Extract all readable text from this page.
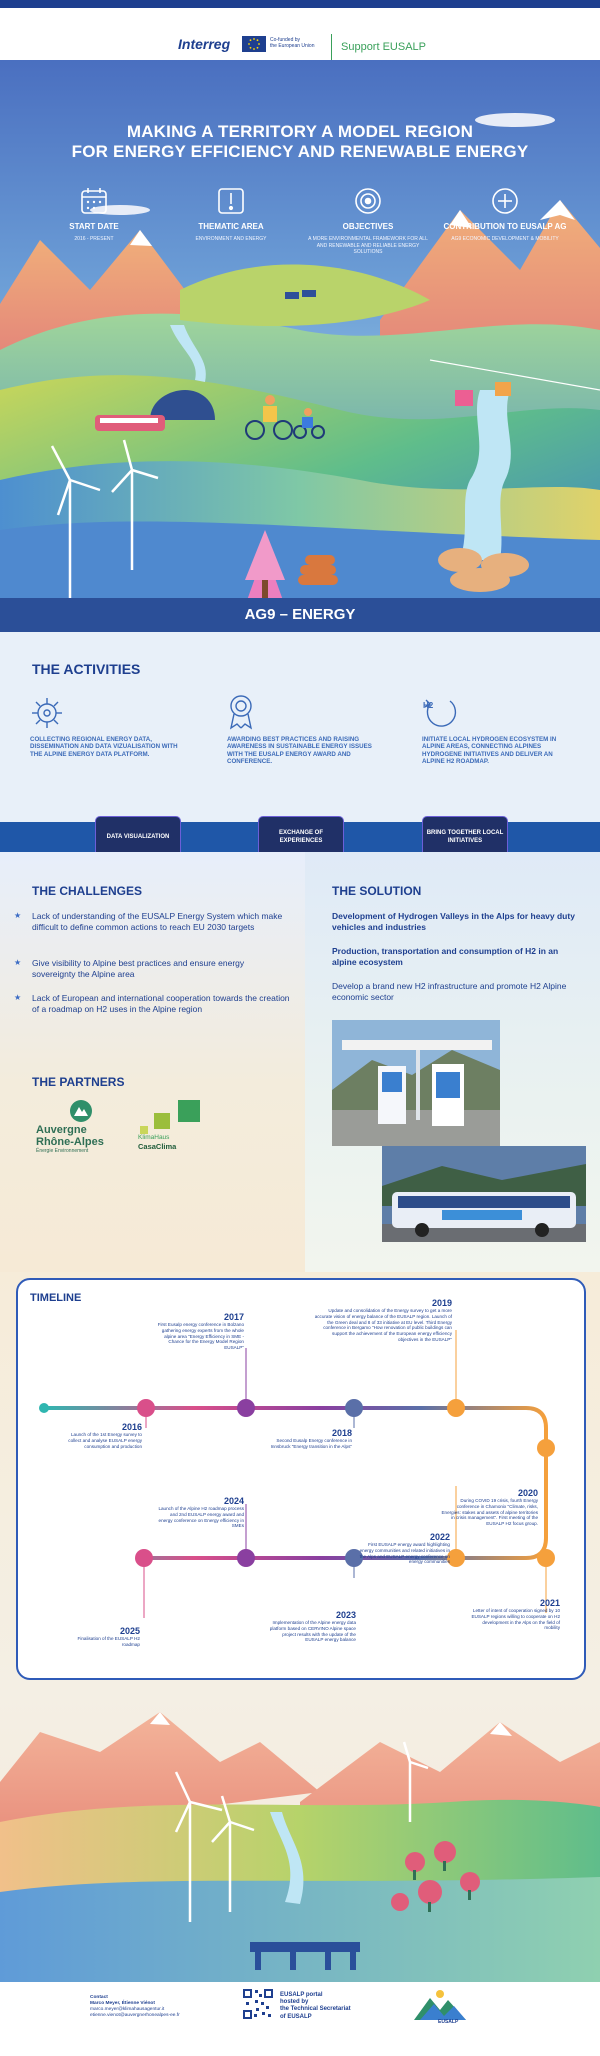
Interreg	Co-funded by
the European Union Support EUSALP
MAKING A TERRITORY A MODEL REGION
FOR ENERGY EFFICIENCY AND RENEWABLE ENERGY
START DATE
2016 - PRESENT
THEMATIC AREA
ENVIRONMENT AND ENERGY
OBJECTIVES
A MORE ENVIRONMENTAL FRAMEWORK FOR ALL AND RENEWABLE AND RELIABLE ENERGY SOLUTIONS
CONTRIBUTION TO EUSALP AG
AG9 ECONOMIC DEVELOPMENT & MOBILITY
AG9 – ENERGY
THE ACTIVITIES
COLLECTING REGIONAL ENERGY DATA, DISSEMINATION AND DATA VIZUALISATION WITH THE ALPINE ENERGY DATA PLATFORM.
AWARDING BEST PRACTICES AND RAISING AWARENESS IN SUSTAINABLE ENERGY ISSUES WITH THE EUSALP ENERGY AWARD AND CONFERENCE.
H2
INITIATE LOCAL HYDROGEN ECOSYSTEM IN ALPINE AREAS, CONNECTING ALPINES HYDROGENE INITIATIVES AND DELIVER AN ALPINE H2 ROADMAP.
DATA VISUALIZATION
EXCHANGE OF EXPERIENCES
BRING TOGETHER LOCAL INITIATIVES
THE CHALLENGES
★ Lack of understanding of the EUSALP Energy System which make difficult to define common actions to reach EU 2030 targets
★ Give visibility to Alpine best practices and ensure energy sovereignty the Alpine area
★ Lack of European and international cooperation towards the creation of a roadmap on H2 uses in the Alpine region
THE PARTNERS
Auvergne
Rhône-Alpes
Énergie Environnement
KlimaHaus
CasaClima
THE SOLUTION
Development of Hydrogen Valleys in the Alps for heavy duty vehicles and industries
Production, transportation and consumption of H2 in an alpine ecosystem
Develop a brand new H2 infrastructure and promote H2 Alpine economic sector
TIMELINE
2016
Launch of the 1st Energy survey to collect and analyse EUSALP energy consumption and production
2017
First Eusalp energy conference in Bolzano gathering energy experts from the whole alpine area "Energy Efficiency in SME - Chance for the Energy Model Region EUSALP"
2018
Second Eusalp Energy conference in Innsbruck "Energy transition in the Alps"
2019
Update and consolidation of the Energy survey to get a more accurate vision of energy balance of the EUSALP region. Launch of the Green deal and 8 of 33 initiative at EU level. Third Energy conference in Bergamo "How renovation of public buildings can support the achievement of the European energy efficiency objectives in the EUSALP"
2020
During COVID 19 crisis, fourth Energy conference in Chamonix "Climate, risks, Energies: stakes and assets of alpine territories in crisis management". First meeting of the EUSALP H2 focus group.
2021
Letter of intent of cooperation signed by 10 EUSALP regions willing to cooperate on H2 development in the Alps on the field of mobility
2022
First EUSALP energy award highlighting energy communities and related initiatives in the Alps and EUSALP energy conference on energy communities
2023
Implementation of the Alpine energy data platform based on CERVINO Alpine space project results with the update of the EUSALP energy balance
2024
Launch of the Alpine H2 roadmap process and 2nd EUSALP energy award and energy conference on Energy efficiency in SMEs
2025
Finalisation of the EUSALP H2 roadmap
Contact
Marco Meyer, Étienne Viénot
marco.meyer@klimahausagentur.it
etienne.vienot@auvergnerhonealpes-ee.fr
EUSALP portal
hosted by
the Technical Secretariat
of EUSALP
EUSALP
